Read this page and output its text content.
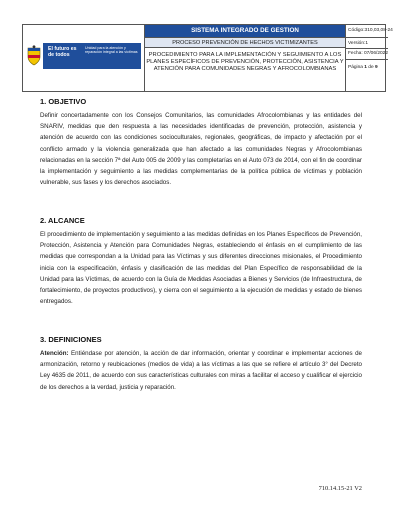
El futuro es de todos
Unidad para la atención y reparación integral a las víctimas
SISTEMA INTEGRADO DE GESTION
PROCESO PREVENCIÓN DE HECHOS VICTIMIZANTES
PROCEDIMIENTO PARA LA IMPLEMENTACIÓN Y SEGUIMIENTO A LOS PLANES ESPECÍFICOS DE PREVENCIÓN, PROTECCIÓN, ASISTENCIA Y ATENCIÓN PARA COMUNIDADES NEGRAS Y AFROCOLOMBIANAS
Código:310,03,08-24
Versión:1
Fecha: 07/06/2022
Página 1 de 9
1. OBJETIVO
Definir concertadamente con los Consejos Comunitarios, las comunidades Afrocolombianas y las entidades del SNARIV, medidas que den respuesta a las necesidades identificadas de prevención, protección, asistencia y atención de acuerdo con las condiciones socioculturales, regionales, geográficas, de impacto y afectación por el conflicto armado y la violencia generalizada que han afectado a las comunidades Negras y Afrocolombianas relacionadas en la sección 7ª del Auto 005 de 2009 y las completarías en el Auto 073 de 2014, con el fin de coordinar la implementación y seguimiento a las medidas complementarias de la política pública de víctimas y población vulnerable, sus fases y los derechos asociados.
2. ALCANCE
El procedimiento de implementación y seguimiento a las medidas definidas en los Planes Específicos de Prevención, Protección, Asistencia y Atención para Comunidades Negras, estableciendo el énfasis en el cumplimiento de las medidas que correspondan a la Unidad para las Víctimas y sus diferentes direcciones misionales, el Procedimiento inicia con la especificación, énfasis y clasificación de las medidas del Plan Específico de responsabilidad de la Unidad para las Víctimas, de acuerdo con la Guía de Medidas Asociadas a Bienes y Servicios (de Infraestructura, de fortalecimiento, de proyectos productivos), y cierra con el seguimiento a la ejecución de medidas y estado de bienes entregados.
3. DEFINICIONES
Atención: Entiéndase por atención, la acción de dar información, orientar y coordinar e implementar acciones de armonización, retorno y reubicaciones (medios de vida) a las víctimas a las que se refiere el artículo 3° del Decreto Ley 4635 de 2011, de acuerdo con sus características culturales con miras a facilitar el acceso y cualificar el ejercicio de los derechos a la verdad, justicia y reparación.
710.14.15-21 V2
